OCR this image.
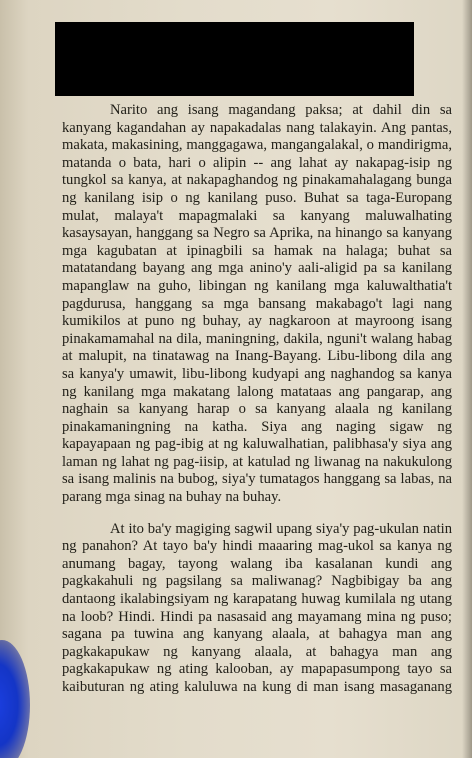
Narito ang isang magandang paksa; at dahil din sa
kanyang kagandahan ay napakadalas nang talakayin. Ang pantas,
makata, makasining, manggagawa, mangangalakal, o mandirigma,
matanda o bata, hari o alipin -- ang lahat ay nakapag-isip ng
tungkol sa kanya, at nakapaghandog ng pinakamahalagang bunga
ng kanilang isip o ng kanilang puso. Buhat sa taga-Europang
mulat, malaya't mapagmalaki sa kanyang maluwalhating
kasaysayan, hanggang sa Negro sa Aprika, na hinango sa kanyang
mga kagubatan at ipinagbili sa hamak na halaga; buhat sa
matatandang bayang ang mga anino'y aali-aligid pa sa kanilang
mapanglaw na guho, libingan ng kanilang mga kaluwalthatia't
pagdurusa, hanggang sa mga bansang makabago't lagi nang
kumikilos at puno ng buhay, ay nagkaroon at mayroong isang
pinakamamahal na dila, maningning, dakila, nguni't walang habag
at malupit, na tinatawag na Inang-Bayang. Libu-libong dila ang
sa kanya'y umawit, libu-libong kudyapi ang naghandog sa kanya
ng kanilang mga makatang lalong matataas ang pangarap, ang
naghain sa kanyang harap o sa kanyang alaala ng kanilang
pinakamaningning na katha. Siya ang naging sigaw ng
kapayapaan ng pag-ibig at ng kaluwalhatian, palibhasa'y siya ang
laman ng lahat ng pag-iisip, at katulad ng liwanag na nakukulong
sa isang malinis na bubog, siya'y tumatagos hanggang sa labas, na
parang mga sinag na buhay na buhay.
At ito ba'y magiging sagwil upang siya'y pag-ukulan natin
ng panahon? At tayo ba'y hindi maaaring mag-ukol sa kanya ng
anumang bagay, tayong walang iba kasalanan kundi ang
pagkakahuli ng pagsilang sa maliwanag? Nagbibigay ba ang
dantaong ikalabingsiyam ng karapatang huwag kumilala ng utang
na loob? Hindi. Hindi pa nasasaid ang mayamang mina ng puso;
sagana pa tuwina ang kanyang alaala, at bahagya man ang
pagkakapukaw ng kanyang alaala, at bahagya man ang
pagkakapukaw ng ating kalooban, ay mapapasumpong tayo sa
kaibuturan ng ating kaluluwa na kung di man isang masaganang
